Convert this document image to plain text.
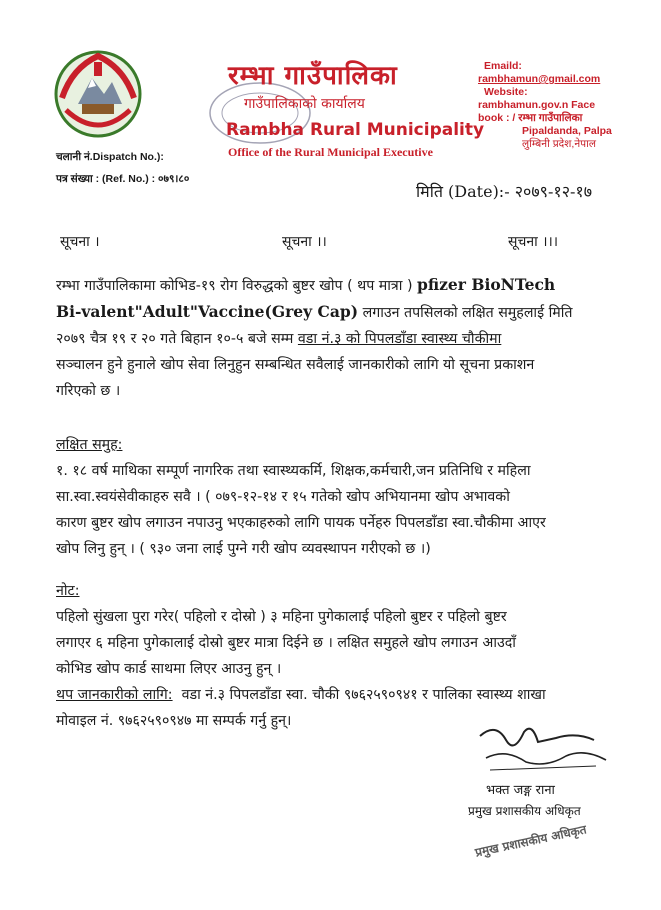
रम्भा गाउँपालिका
गाउँपालिकाको कार्यालय
Rambha Rural Municipality
Office of the Rural Municipal Executive
Emaild:
rambhamun@gmail.com
Website:
rambhamun.gov.n Face
book : / रम्भा गाउँपालिका
Pipaldanda, Palpa
लुम्बिनी प्रदेश,नेपाल
चलानी नं.Dispatch No.):
पत्र संख्या : (Ref. No.) : ०७९।८०
मिति (Date):- २०७९-१२-१७
सूचना ।	सूचना ।।	सूचना ।।।
रम्भा गाउँपालिकामा कोभिड-१९ रोग विरुद्धको बुष्टर खोप ( थप मात्रा ) pfizer BioNTech
Bi-valent"Adult"Vaccine(Grey Cap) लगाउन तपसिलको लक्षित समुहलाई मिति
२०७९ चैत्र १९ र २० गते बिहान १०-५ बजे सम्म वडा नं.३ को पिपलडाँडा स्वास्थ्य चौकीमा
सञ्चालन हुने हुनाले खोप सेवा लिनुहुन सम्बन्धित सवैलाई जानकारीको लागि यो सूचना प्रकाशन
गरिएको छ ।
लक्षित समुह:
१. १८ वर्ष माथिका सम्पूर्ण नागरिक तथा स्वास्थ्यकर्मि, शिक्षक,कर्मचारी,जन प्रतिनिधि र महिला
सा.स्वा.स्वयंसेवीकाहरु सवै । ( ०७९-१२-१४ र १५ गतेको खोप अभियानमा खोप अभावको
कारण बुष्टर खोप लगाउन नपाउनु भएकाहरुको लागि पायक पर्नेहरु पिपलडाँडा स्वा.चौकीमा आएर
खोप लिनु हुन् । ( ९३० जना लाई पुग्ने गरी खोप व्यवस्थापन गरीएको छ ।)
नोट:
पहिलो सुंखला पुरा गरेर( पहिलो र दोस्रो ) ३ महिना पुगेकालाई पहिलो बुष्टर र पहिलो बुष्टर
लगाएर ६ महिना पुगेकालाई दोस्रो बुष्टर मात्रा दिईने छ । लक्षित समुहले खोप लगाउन आउदाँ
कोभिड खोप कार्ड साथमा लिएर आउनु हुन् ।
थप जानकारीको लागि: वडा नं.३ पिपलडाँडा स्वा. चौकी ९७६२५९०९४१ र पालिका स्वास्थ्य शाखा
मोवाइल नं. ९७६२५९०९४७ मा सम्पर्क गर्नु हुन्।
भक्त जङ्ग राना
प्रमुख प्रशासकीय अधिकृत
प्रमुख प्रशासकीय अधिकृत
